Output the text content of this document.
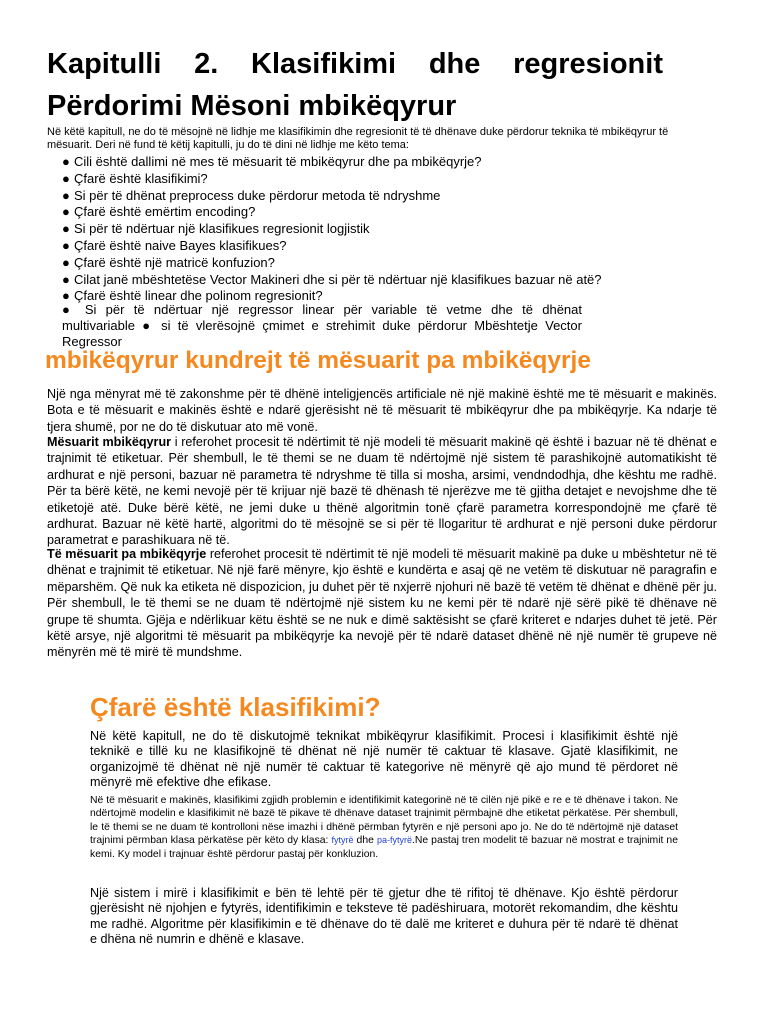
Kapitulli 2. Klasifikimi dhe regresionit
Përdorimi Mësoni mbikëqyrur

Në këtë kapitull, ne do të mësojnë në lidhje me klasifikimin dhe regresionit të të dhënave duke përdorur teknika të mbikëqyrur të mësuarit. Deri në fund të këtij kapitulli, ju do të dini në lidhje me këto tema:

● Cili është dallimi në mes të mësuarit të mbikëqyrur dhe pa mbikëqyrje?
● Çfarë është klasifikimi?
● Si për të dhënat preprocess duke përdorur metoda të ndryshme
● Çfarë është emërtim encoding?
● Si për të ndërtuar një klasifikues regresionit logjistik
● Çfarë është naive Bayes klasifikues?
● Çfarë është një matricë konfuzion?
● Cilat janë mbështetëse Vector Makineri dhe si për të ndërtuar një klasifikues bazuar në atë?
● Çfarë është linear dhe polinom regresionit?
● Si për të ndërtuar një regressor linear për variable të vetme dhe të dhënat
multivariable ● si të vlerësojnë çmimet e strehimit duke përdorur Mbështetje Vector
Regressor
mbikëqyrur kundrejt të mësuarit pa mbikëqyrje

Një nga mënyrat më të zakonshme për të dhënë inteligjencës artificiale në një makinë është me të mësuarit e makinës. Bota e të mësuarit e makinës është e ndarë gjerësisht në të mësuarit të mbikëqyrur dhe pa mbikëqyrje. Ka ndarje të tjera shumë, por ne do të diskutuar ato më vonë.

Mësuarit mbikëqyrur i referohet procesit të ndërtimit të një modeli të mësuarit makinë që është i bazuar në të dhënat e trajnimit të etiketuar. Për shembull, le të themi se ne duam të ndërtojmë një sistem të parashikojnë automatikisht të ardhurat e një personi, bazuar në parametra të ndryshme të tilla si mosha, arsimi, vendndodhja, dhe kështu me radhë. Për ta bërë këtë, ne kemi nevojë për të krijuar një bazë të dhënash të njerëzve me të gjitha detajet e nevojshme dhe të etiketojë atë. Duke bërë këtë, ne jemi duke u thënë algoritmin tonë çfarë parametra korrespondojnë me çfarë të ardhurat. Bazuar në këtë hartë, algoritmi do të mësojnë se si për të llogaritur të ardhurat e një personi duke përdorur parametrat e parashikuara në të.

Të mësuarit pa mbikëqyrje referohet procesit të ndërtimit të një modeli të mësuarit makinë pa duke u mbështetur në të dhënat e trajnimit të etiketuar. Në një farë mënyre, kjo është e kundërta e asaj që ne vetëm të diskutuar në paragrafin e mëparshëm. Që nuk ka etiketa në dispozicion, ju duhet për të nxjerrë njohuri në bazë të vetëm të dhënat e dhënë për ju. Për shembull, le të themi se ne duam të ndërtojmë një sistem ku ne kemi për të ndarë një sërë pikë të dhënave në grupe të shumta. Gjëja e ndërlikuar këtu është se ne nuk e dimë saktësisht se çfarë kriteret e ndarjes duhet të jetë. Për këtë arsye, një algoritmi të mësuarit pa mbikëqyrje ka nevojë për të ndarë dataset dhënë në një numër të grupeve në mënyrën më të mirë të mundshme.

Çfarë është klasifikimi?

Në këtë kapitull, ne do të diskutojmë teknikat mbikëqyrur klasifikimit. Procesi i klasifikimit është një teknikë e tillë ku ne klasifikojnë të dhënat në një numër të caktuar të klasave. Gjatë klasifikimit, ne organizojmë të dhënat në një numër të caktuar të kategorive në mënyrë që ajo mund të përdoret në mënyrë më efektive dhe efikase.

Në të mësuarit e makinës, klasifikimi zgjidh problemin e identifikimit kategorinë në të cilën një pikë e re e të dhënave i takon. Ne ndërtojmë modelin e klasifikimit në bazë të pikave të dhënave dataset trajnimit përmbajnë dhe etiketat përkatëse. Për shembull, le të themi se ne duam të kontrolloni nëse imazhi i dhënë përmban fytyrën e një personi apo jo. Ne do të ndërtojmë një dataset trajnimi përmban klasa përkatëse për këto dy klasa: fytyrë dhe pa-fytyrë.Ne pastaj tren modelit të bazuar në mostrat e trajnimit ne kemi. Ky model i trajnuar është përdorur pastaj për konkluzion.

Një sistem i mirë i klasifikimit e bën të lehtë për të gjetur dhe të rifitoj të dhënave. Kjo është përdorur gjerësisht në njohjen e fytyrës, identifikimin e teksteve të padëshiruara, motorët rekomandim, dhe kështu me radhë. Algoritme për klasifikimin e të dhënave do të dalë me kriteret e duhura për të ndarë të dhënat e dhëna në numrin e dhënë e klasave.
